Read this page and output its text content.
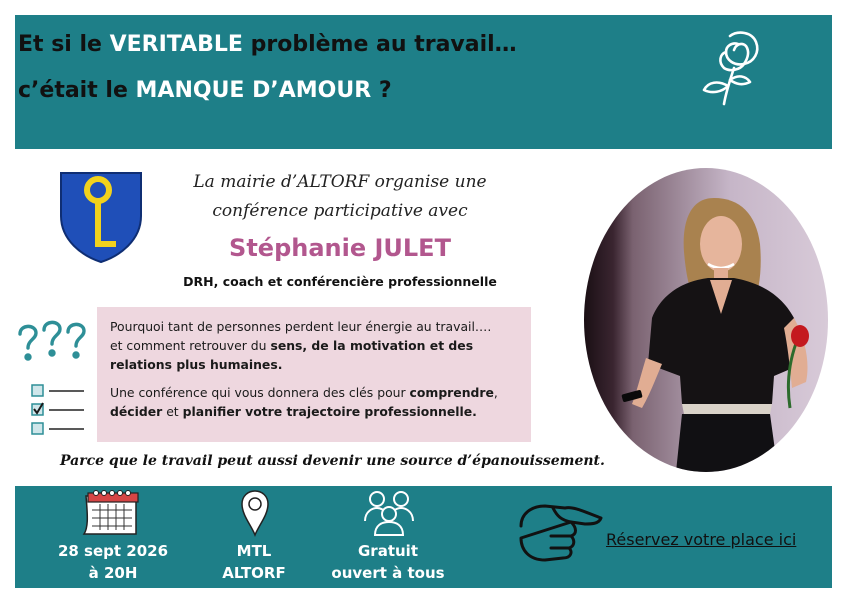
Et si le VERITABLE problème au travail…
c’était le MANQUE D’AMOUR ?
La mairie d’ALTORF organise une
conférence participative avec
Stéphanie JULET
DRH, coach et conférencière professionnelle

Pourquoi tant de personnes perdent leur énergie au travail….
et comment retrouver du sens, de la motivation et des relations plus humaines.

Une conférence qui vous donnera des clés pour comprendre, décider et planifier votre trajectoire professionnelle.

Parce que le travail peut aussi devenir une source d’épanouissement.
28 sept 2026
à 20H
MTL
ALTORF
Gratuit
ouvert à tous
Réservez votre place ici
